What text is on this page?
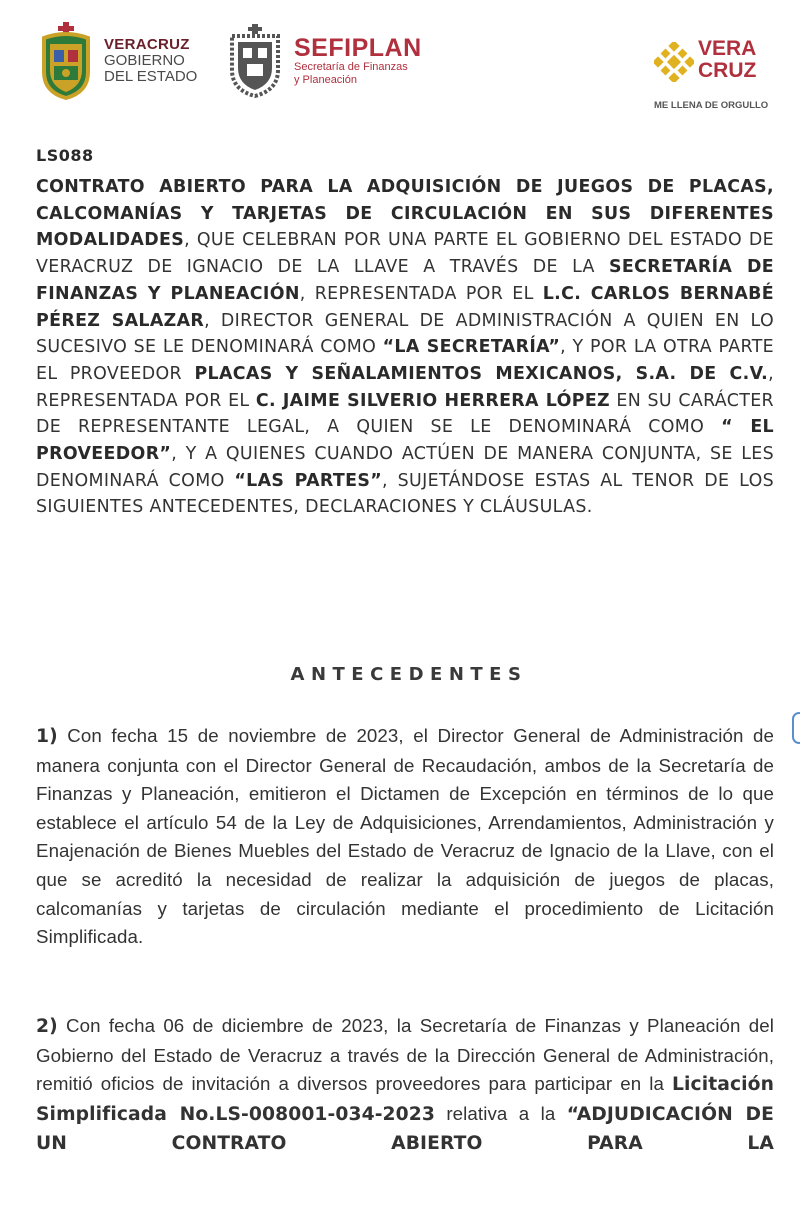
VERACRUZ
GOBIERNO
DEL ESTADO
SEFIPLAN
Secretaría de Finanzas
y Planeación
VERA
CRUZ
ME LLENA DE ORGULLO
LS088
CONTRATO ABIERTO PARA LA ADQUISICIÓN DE JUEGOS DE PLACAS, CALCOMANÍAS Y TARJETAS DE CIRCULACIÓN EN SUS DIFERENTES MODALIDADES, QUE CELEBRAN POR UNA PARTE EL GOBIERNO DEL ESTADO DE VERACRUZ DE IGNACIO DE LA LLAVE A TRAVÉS DE LA SECRETARÍA DE FINANZAS Y PLANEACIÓN, REPRESENTADA POR EL L.C. CARLOS BERNABÉ PÉREZ SALAZAR, DIRECTOR GENERAL DE ADMINISTRACIÓN A QUIEN EN LO SUCESIVO SE LE DENOMINARÁ COMO “LA SECRETARÍA”, Y POR LA OTRA PARTE EL PROVEEDOR PLACAS Y SEÑALAMIENTOS MEXICANOS, S.A. DE C.V., REPRESENTADA POR EL C. JAIME SILVERIO HERRERA LÓPEZ EN SU CARÁCTER DE REPRESENTANTE LEGAL, A QUIEN SE LE DENOMINARÁ COMO “ EL PROVEEDOR”, Y A QUIENES CUANDO ACTÚEN DE MANERA CONJUNTA, SE LES DENOMINARÁ COMO “LAS PARTES”, SUJETÁNDOSE ESTAS AL TENOR DE LOS SIGUIENTES ANTECEDENTES, DECLARACIONES Y CLÁUSULAS.
ANTECEDENTES
1) Con fecha 15 de noviembre de 2023, el Director General de Administración de manera conjunta con el Director General de Recaudación, ambos de la Secretaría de Finanzas y Planeación, emitieron el Dictamen de Excepción en términos de lo que establece el artículo 54 de la Ley de Adquisiciones, Arrendamientos, Administración y Enajenación de Bienes Muebles del Estado de Veracruz de Ignacio de la Llave, con el que se acreditó la necesidad de realizar la adquisición de juegos de placas, calcomanías y tarjetas de circulación mediante el procedimiento de Licitación Simplificada.
2) Con fecha 06 de diciembre de 2023, la Secretaría de Finanzas y Planeación del Gobierno del Estado de Veracruz a través de la Dirección General de Administración, remitió oficios de invitación a diversos proveedores para participar en la Licitación Simplificada No.LS-008001-034-2023 relativa a la “ADJUDICACIÓN DE UN CONTRATO ABIERTO PARA LA
